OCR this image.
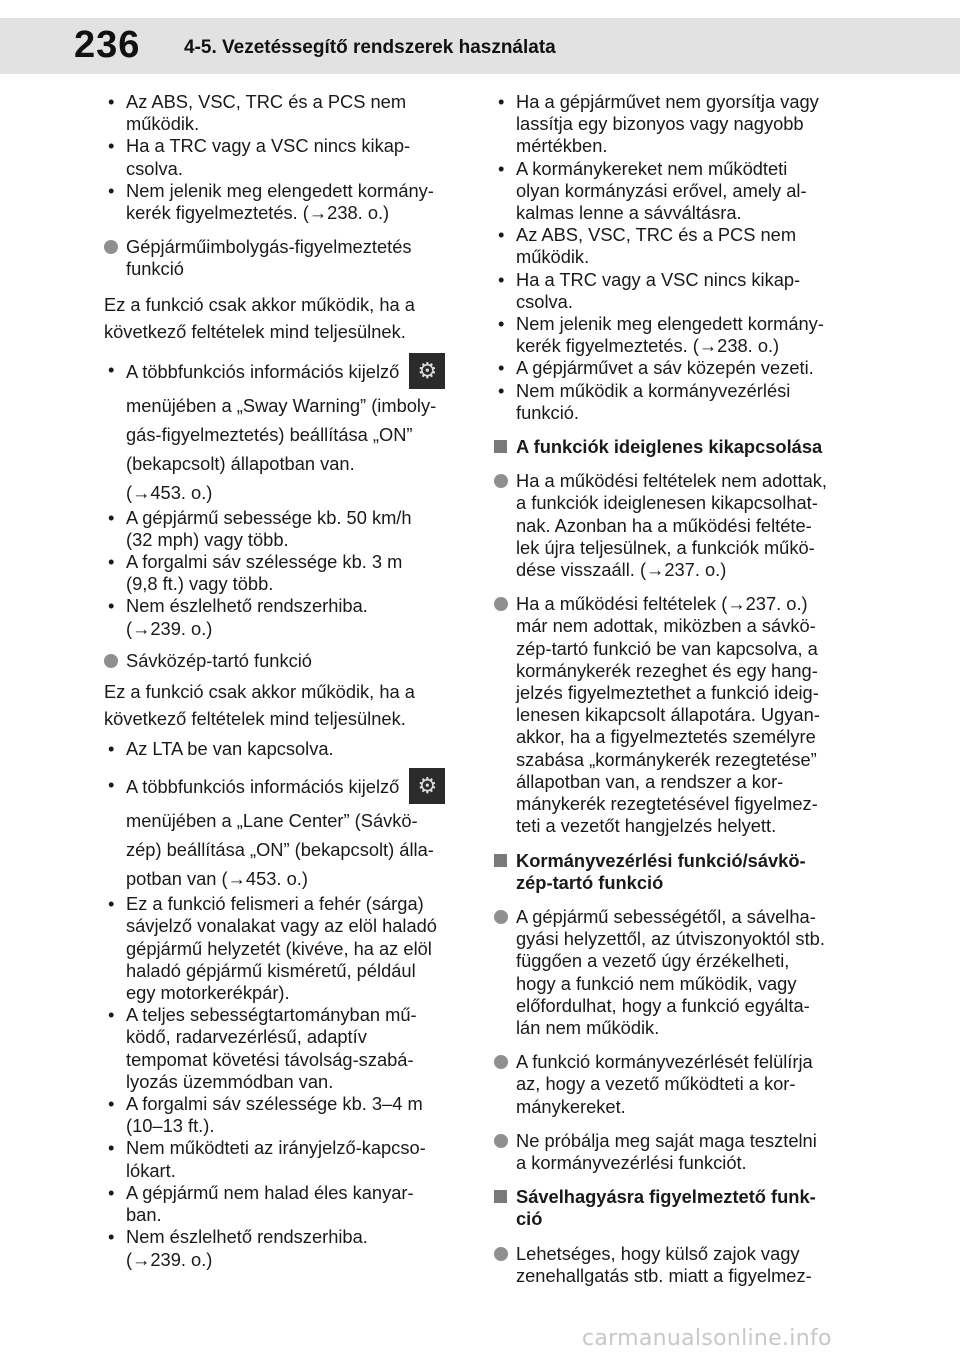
236 4-5. Vezetéssegítő rendszerek használata
• Az ABS, VSC, TRC és a PCS nem
működik.
• Ha a TRC vagy a VSC nincs kikap-
csolva.
• Nem jelenik meg elengedett kormány-
kerék figyelmeztetés. (→238. o.)
Gépjárműimbolygás-figyelmeztetés
funkció
Ez a funkció csak akkor működik, ha a
következő feltételek mind teljesülnek.
• A többfunkciós információs kijelző ⚙
menüjében a „Sway Warning” (imboly-
gás-figyelmeztetés) beállítása „ON”
(bekapcsolt) állapotban van.
(→453. o.)
• A gépjármű sebessége kb. 50 km/h
(32 mph) vagy több.
• A forgalmi sáv szélessége kb. 3 m
(9,8 ft.) vagy több.
• Nem észlelhető rendszerhiba.
(→239. o.)
Sávközép-tartó funkció
Ez a funkció csak akkor működik, ha a
következő feltételek mind teljesülnek.
• Az LTA be van kapcsolva.
• A többfunkciós információs kijelző ⚙
menüjében a „Lane Center” (Sávkö-
zép) beállítása „ON” (bekapcsolt) álla-
potban van (→453. o.)
• Ez a funkció felismeri a fehér (sárga)
sávjelző vonalakat vagy az elöl haladó
gépjármű helyzetét (kivéve, ha az elöl
haladó gépjármű kisméretű, például
egy motorkerékpár).
• A teljes sebességtartományban mű-
ködő, radarvezérlésű, adaptív
tempomat követési távolság-szabá-
lyozás üzemmódban van.
• A forgalmi sáv szélessége kb. 3–4 m
(10–13 ft.).
• Nem működteti az irányjelző-kapcso-
lókart.
• A gépjármű nem halad éles kanyar-
ban.
• Nem észlelhető rendszerhiba.
(→239. o.)
• Ha a gépjárművet nem gyorsítja vagy
lassítja egy bizonyos vagy nagyobb
mértékben.
• A kormánykereket nem működteti
olyan kormányzási erővel, amely al-
kalmas lenne a sávváltásra.
• Az ABS, VSC, TRC és a PCS nem
működik.
• Ha a TRC vagy a VSC nincs kikap-
csolva.
• Nem jelenik meg elengedett kormány-
kerék figyelmeztetés. (→238. o.)
• A gépjárművet a sáv közepén vezeti.
• Nem működik a kormányvezérlési
funkció.
A funkciók ideiglenes kikapcsolása
Ha a működési feltételek nem adottak,
a funkciók ideiglenesen kikapcsolhat-
nak. Azonban ha a működési feltéte-
lek újra teljesülnek, a funkciók műkö-
dése visszaáll. (→237. o.)
Ha a működési feltételek (→237. o.)
már nem adottak, miközben a sávkö-
zép-tartó funkció be van kapcsolva, a
kormánykerék rezeghet és egy hang-
jelzés figyelmeztethet a funkció ideig-
lenesen kikapcsolt állapotára. Ugyan-
akkor, ha a figyelmeztetés személyre
szabása „kormánykerék rezegtetése”
állapotban van, a rendszer a kor-
mánykerék rezegtetésével figyelmez-
teti a vezetőt hangjelzés helyett.
Kormányvezérlési funkció/sávkö-
zép-tartó funkció
A gépjármű sebességétől, a sávelha-
gyási helyzettől, az útviszonyoktól stb.
függően a vezető úgy érzékelheti,
hogy a funkció nem működik, vagy
előfordulhat, hogy a funkció egyálta-
lán nem működik.
A funkció kormányvezérlését felülírja
az, hogy a vezető működteti a kor-
mánykereket.
Ne próbálja meg saját maga tesztelni
a kormányvezérlési funkciót.
Sávelhagyásra figyelmeztető funk-
ció
Lehetséges, hogy külső zajok vagy
zenehallgatás stb. miatt a figyelmez-
carmanualsonline.info
